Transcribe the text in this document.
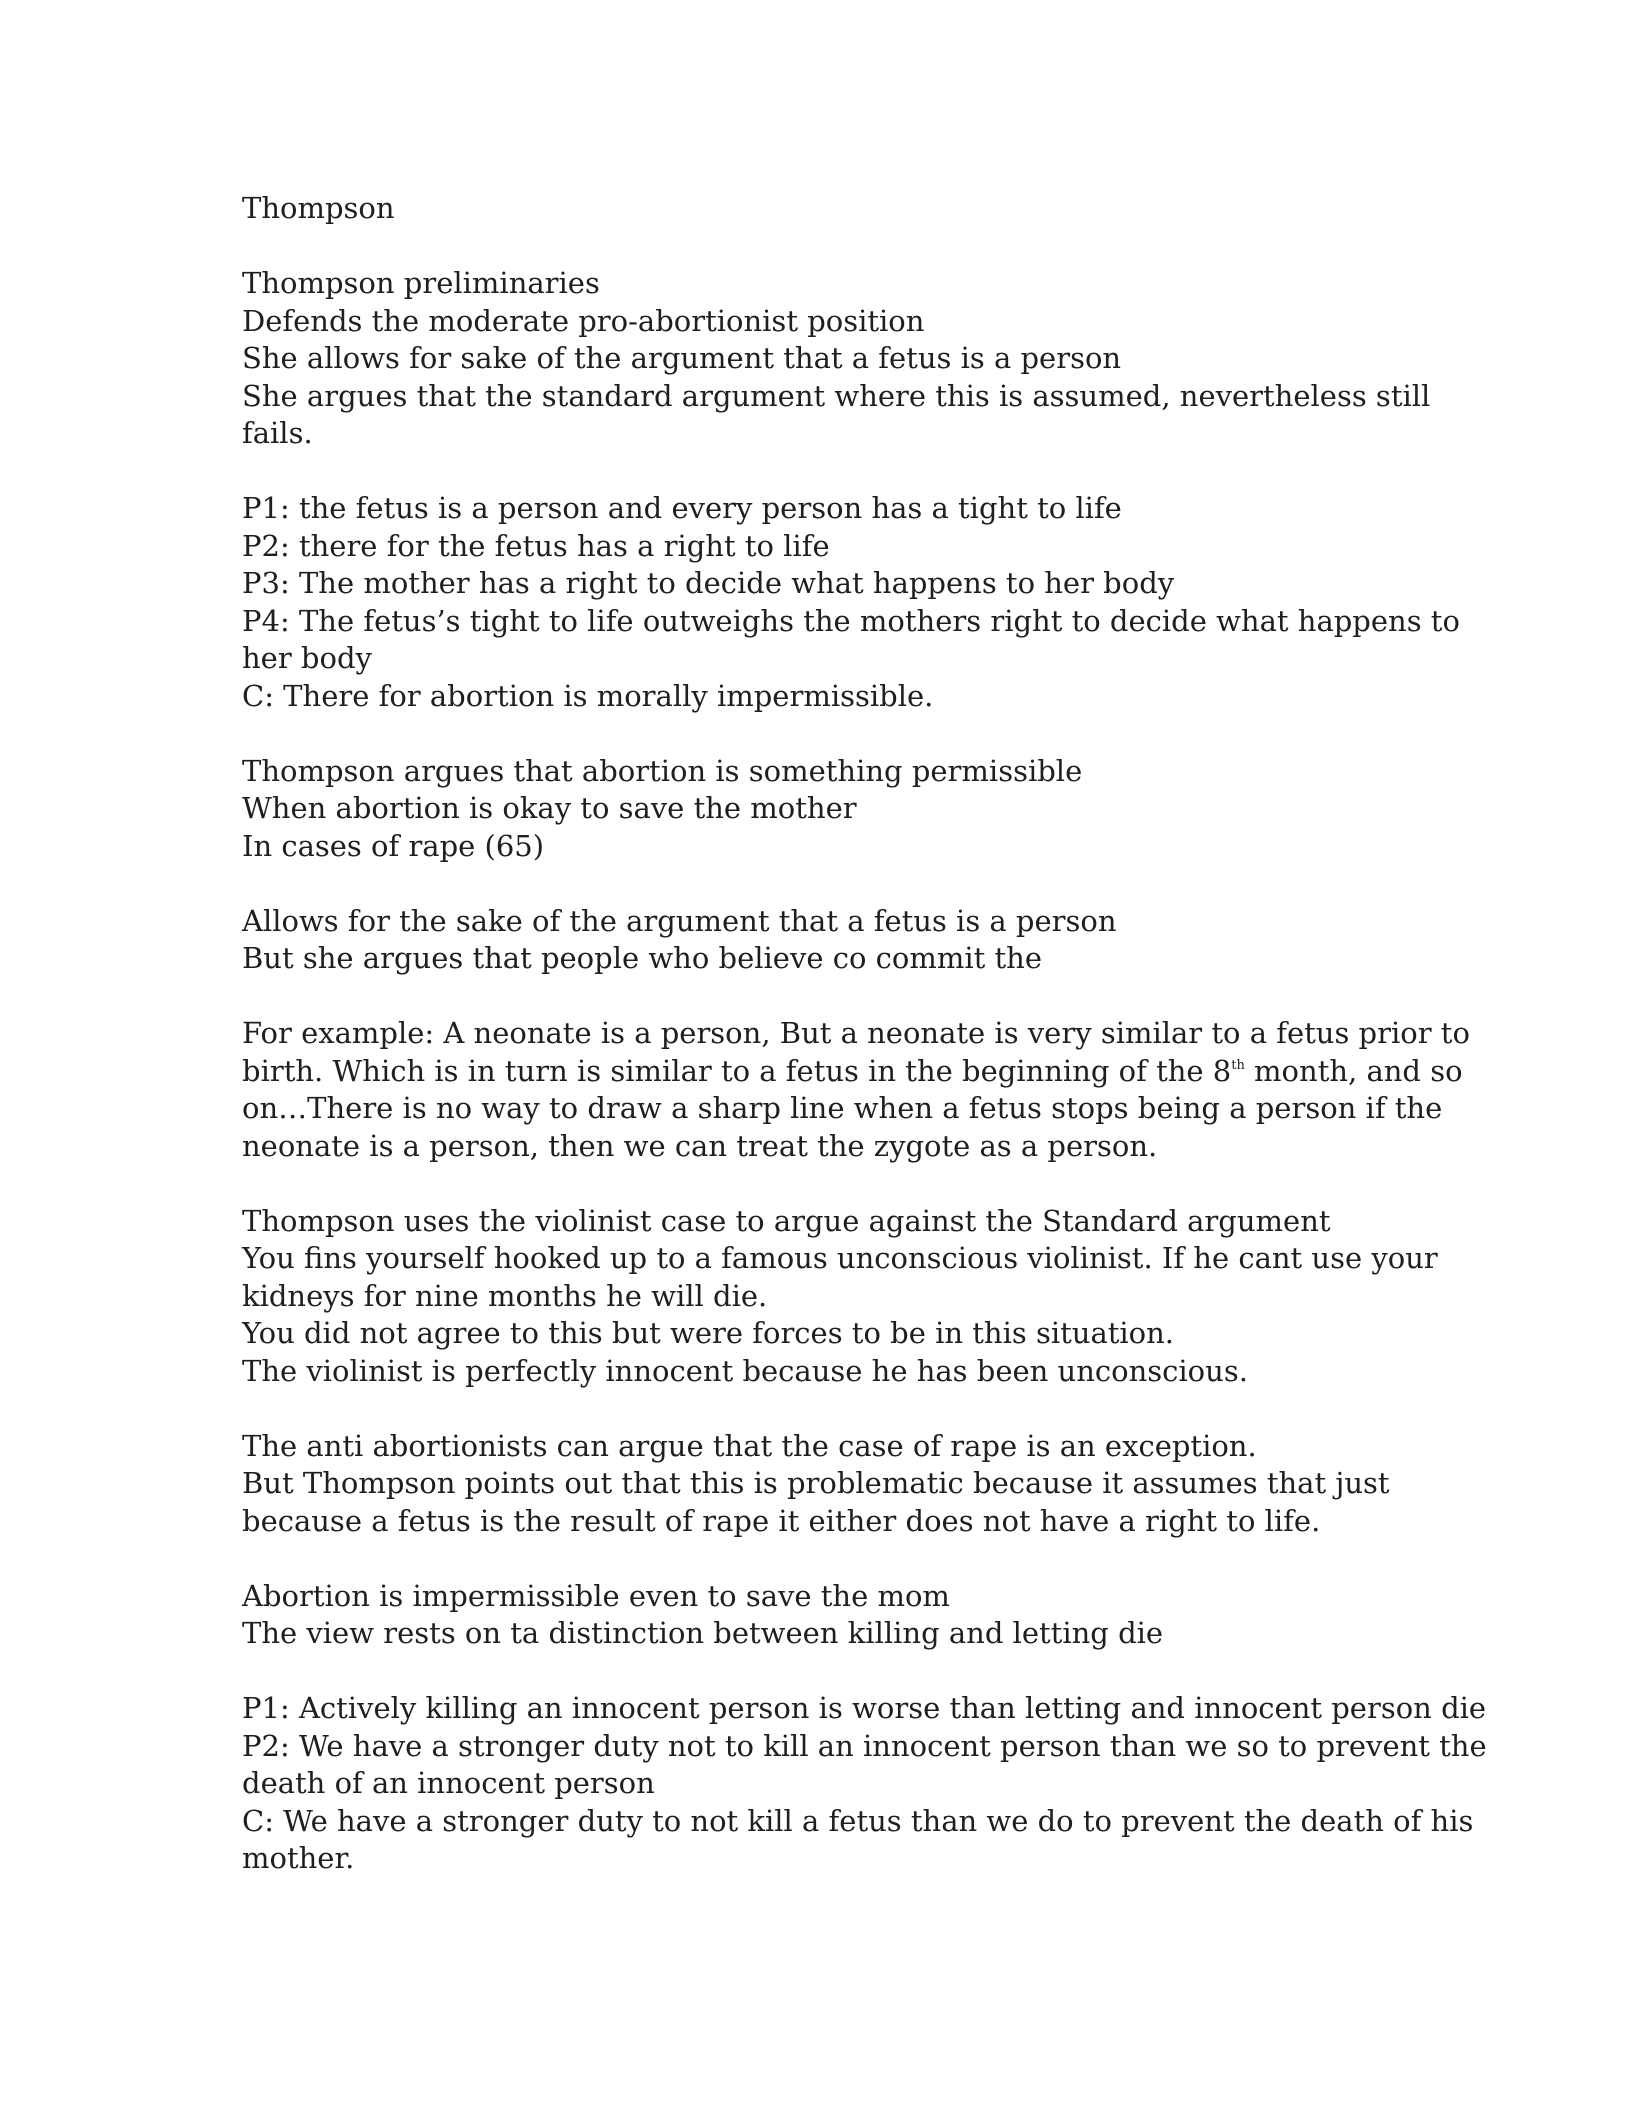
Thompson

Thompson preliminaries
Defends the moderate pro-abortionist position
She allows for sake of the argument that a fetus is a person
She argues that the standard argument where this is assumed, nevertheless still
fails.

P1: the fetus is a person and every person has a tight to life
P2: there for the fetus has a right to life
P3: The mother has a right to decide what happens to her body
P4: The fetus’s tight to life outweighs the mothers right to decide what happens to
her body
C: There for abortion is morally impermissible.

Thompson argues that abortion is something permissible
When abortion is okay to save the mother
In cases of rape (65)

Allows for the sake of the argument that a fetus is a person
But she argues that people who believe co commit the

For example: A neonate is a person, But a neonate is very similar to a fetus prior to
birth. Which is in turn is similar to a fetus in the beginning of the 8th month, and so
on…There is no way to draw a sharp line when a fetus stops being a person if the
neonate is a person, then we can treat the zygote as a person.

Thompson uses the violinist case to argue against the Standard argument
You fins yourself hooked up to a famous unconscious violinist. If he cant use your
kidneys for nine months he will die.
You did not agree to this but were forces to be in this situation.
The violinist is perfectly innocent because he has been unconscious.

The anti abortionists can argue that the case of rape is an exception.
But Thompson points out that this is problematic because it assumes that just
because a fetus is the result of rape it either does not have a right to life.

Abortion is impermissible even to save the mom
The view rests on ta distinction between killing and letting die

P1: Actively killing an innocent person is worse than letting and innocent person die
P2: We have a stronger duty not to kill an innocent person than we so to prevent the
death of an innocent person
C: We have a stronger duty to not kill a fetus than we do to prevent the death of his
mother.
